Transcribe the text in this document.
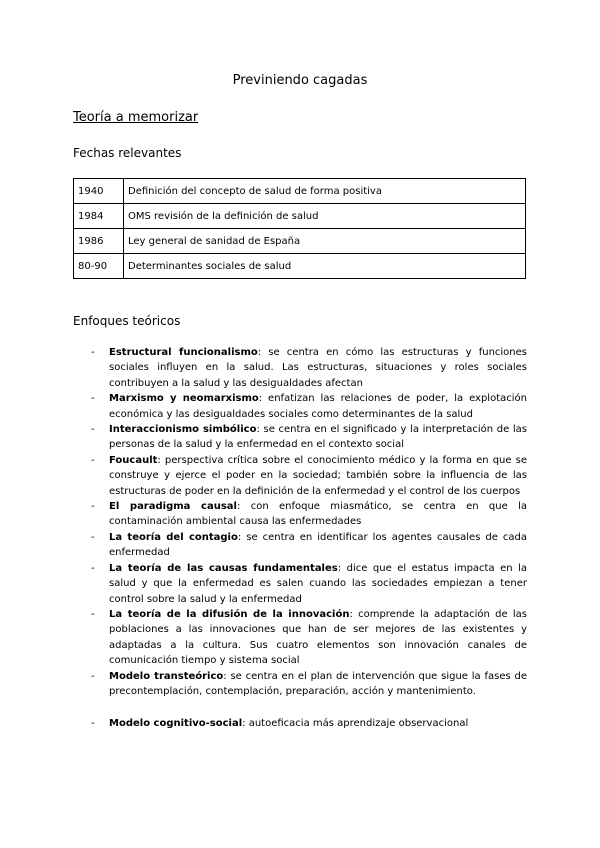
Previniendo cagadas
Teoría a memorizar
Fechas relevantes
1940	Definición del concepto de salud de forma positiva
1984	OMS revisión de la definición de salud
1986	Ley general de sanidad de España
80-90	Determinantes sociales de salud
Enfoques teóricos
- Estructural funcionalismo: se centra en cómo las estructuras y funciones sociales influyen en la salud. Las estructuras, situaciones y roles sociales contribuyen a la salud y las desigualdades afectan
- Marxismo y neomarxismo: enfatizan las relaciones de poder, la explotación económica y las desigualdades sociales como determinantes de la salud
- Interaccionismo simbólico: se centra en el significado y la interpretación de las personas de la salud y la enfermedad en el contexto social
- Foucault: perspectiva crítica sobre el conocimiento médico y la forma en que se construye y ejerce el poder en la sociedad; también sobre la influencia de las estructuras de poder en la definición de la enfermedad y el control de los cuerpos
- El paradigma causal: con enfoque miasmático, se centra en que la contaminación ambiental causa las enfermedades
- La teoría del contagio: se centra en identificar los agentes causales de cada enfermedad
- La teoría de las causas fundamentales: dice que el estatus impacta en la salud y que la enfermedad es salen cuando las sociedades empiezan a tener control sobre la salud y la enfermedad
- La teoría de la difusión de la innovación: comprende la adaptación de las poblaciones a las innovaciones que han de ser mejores de las existentes y adaptadas a la cultura. Sus cuatro elementos son innovación canales de comunicación tiempo y sistema social
- Modelo transteórico: se centra en el plan de intervención que sigue la fases de precontemplación, contemplación, preparación, acción y mantenimiento.
- Modelo cognitivo-social: autoeficacia más aprendizaje observacional
